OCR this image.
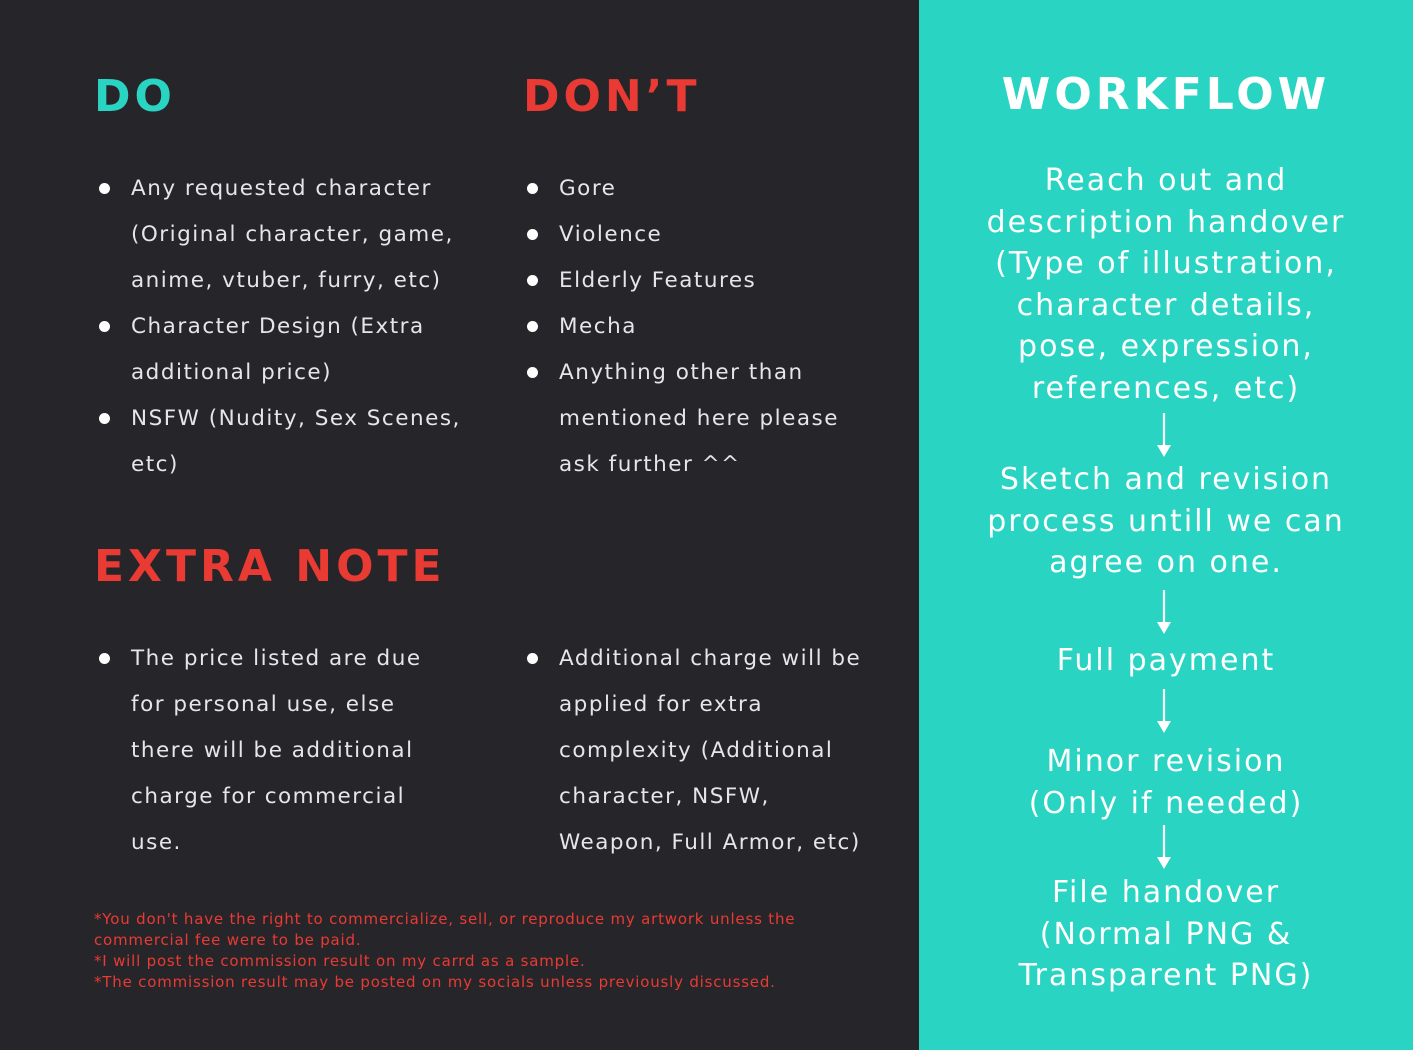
DO
Any requested character (Original character, game, anime, vtuber, furry, etc)
Character Design (Extra additional price)
NSFW (Nudity, Sex Scenes, etc)
DON’T
Gore
Violence
Elderly Features
Mecha
Anything other than mentioned here please ask further ^^
EXTRA NOTE
The price listed are due for personal use, else there will be additional charge for commercial use.
Additional charge will be applied for extra complexity (Additional character, NSFW, Weapon, Full Armor, etc)

*You don't have the right to commercialize, sell, or reproduce my artwork unless the commercial fee were to be paid.

*I will post the commission result on my carrd as a sample.

*The commission result may be posted on my socials unless previously discussed.

WORKFLOW

Reach out and description handover (Type of illustration, character details, pose, expression, references, etc)

Sketch and revision process untill we can agree on one.

Full payment

Minor revision (Only if needed)

File handover (Normal PNG & Transparent PNG)
